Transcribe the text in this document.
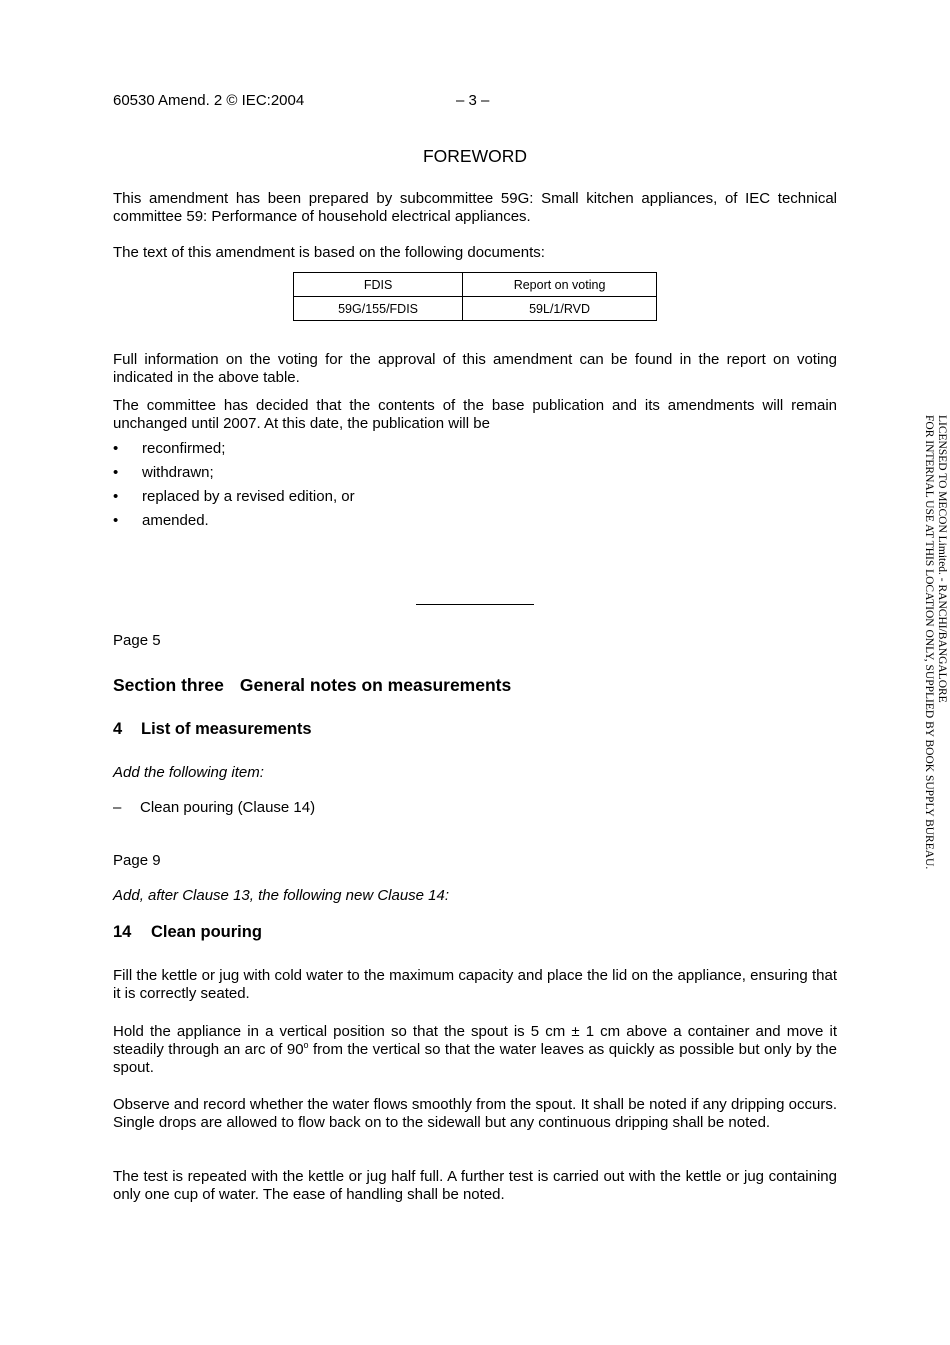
60530 Amend. 2 © IEC:2004	– 3 –
FOREWORD
This amendment has been prepared by subcommittee 59G: Small kitchen appliances, of IEC technical committee 59: Performance of household electrical appliances.
The text of this amendment is based on the following documents:
FDIS	Report on voting
59G/155/FDIS	59L/1/RVD
Full information on the voting for the approval of this amendment can be found in the report on voting indicated in the above table.
The committee has decided that the contents of the base publication and its amendments will remain unchanged until 2007. At this date, the publication will be
• reconfirmed;
• withdrawn;
• replaced by a revised edition, or
• amended.
Page 5
Section three General notes on measurements
4 List of measurements
Add the following item:
– Clean pouring (Clause 14)
Page 9
Add, after Clause 13, the following new Clause 14:
14 Clean pouring
Fill the kettle or jug with cold water to the maximum capacity and place the lid on the appliance, ensuring that it is correctly seated.
Hold the appliance in a vertical position so that the spout is 5 cm ± 1 cm above a container and move it steadily through an arc of 90$^o$ from the vertical so that the water leaves as quickly as possible but only by the spout.
Observe and record whether the water flows smoothly from the spout. It shall be noted if any dripping occurs. Single drops are allowed to flow back on to the sidewall but any continuous dripping shall be noted.
The test is repeated with the kettle or jug half full. A further test is carried out with the kettle or jug containing only one cup of water. The ease of handling shall be noted.
LICENSED TO MECON Limited. - RANCHI/BANGALORE
FOR INTERNAL USE AT THIS LOCATION ONLY, SUPPLIED BY BOOK SUPPLY BUREAU.
